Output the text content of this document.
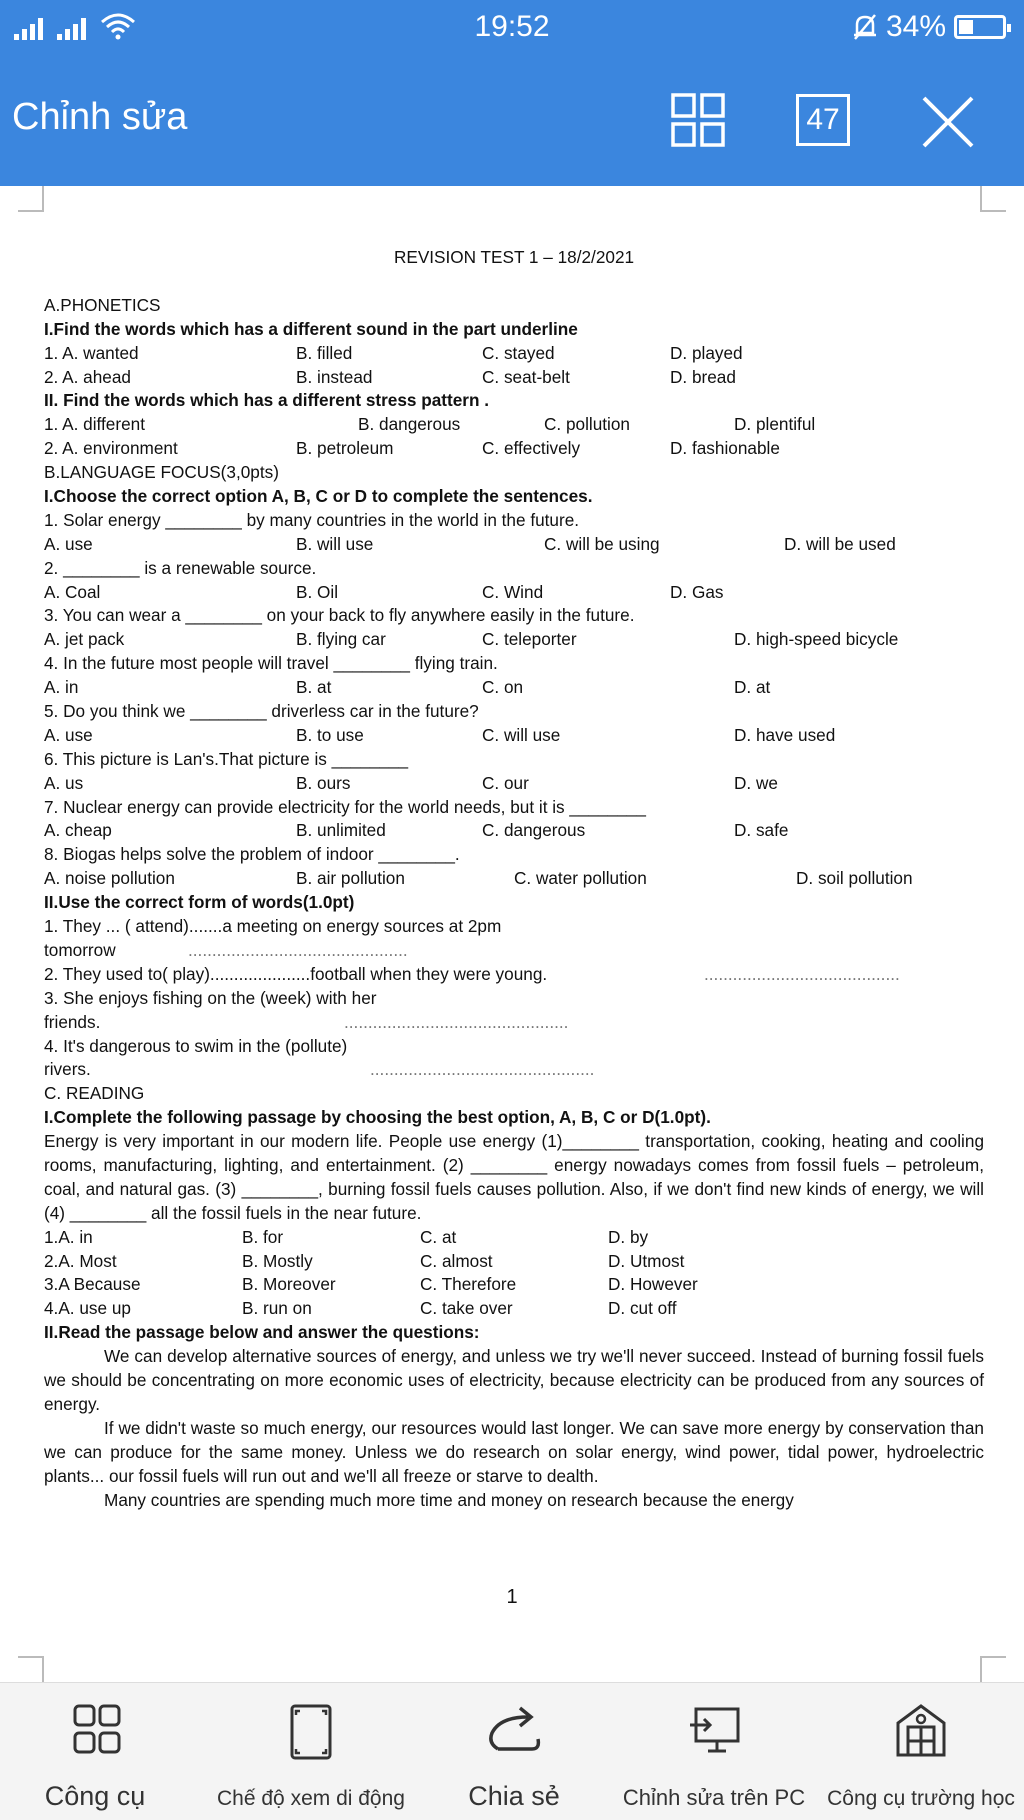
19:52	34%
Chỉnh sửa	47
REVISION TEST 1 – 18/2/2021
A.PHONETICS
I.Find the words which has a different sound in the part underline
1. A. wanted	B. filled	C. stayed	D. played
2. A. ahead	B. instead	C. seat-belt	D. bread
II. Find the words which has a different stress pattern .
1. A. different	B. dangerous	C. pollution	D. plentiful
2. A. environment	B. petroleum	C. effectively	D. fashionable
B.LANGUAGE FOCUS(3,0pts)
I.Choose the correct option A, B, C or D to complete the sentences.
1. Solar energy ________ by many countries in the world in the future.
A. use	B. will use	C. will be using	D. will be used
2. ________ is a renewable source.
A. Coal	B. Oil	C. Wind	D. Gas
3. You can wear a ________ on your back to fly anywhere easily in the future.
A. jet pack	B. flying car	C. teleporter	D. high-speed bicycle
4. In the future most people will travel ________ flying train.
A. in	B. at	C. on	D. at
5. Do you think we ________ driverless car in the future?
A. use	B. to use	C. will use	D. have used
6. This picture is Lan's.That picture is ________
A. us	B. ours	C. our	D. we
7. Nuclear energy can provide electricity for the world needs, but it is ________
A. cheap	B. unlimited	C. dangerous	D. safe
8. Biogas helps solve the problem of indoor ________.
A. noise pollution	B. air pollution	C. water pollution	D. soil pollution
II.Use the correct form of words(1.0pt)
1. They ... ( attend).......a meeting on energy sources at 2pm
tomorrow	..............................................
2. They used to( play).....................football when they were young.	.........................................
3. She enjoys fishing on the (week) with her
friends.	...............................................
4. It's dangerous to swim in the (pollute)
rivers.	...............................................
C. READING
I.Complete the following passage by choosing the best option, A, B, C or D(1.0pt).
Energy is very important in our modern life. People use energy (1)________ transportation, cooking, heating and cooling rooms, manufacturing, lighting, and entertainment. (2) ________ energy nowadays comes from fossil fuels – petroleum, coal, and natural gas. (3) ________, burning fossil fuels causes pollution. Also, if we don't find new kinds of energy, we will (4) ________ all the fossil fuels in the near future.
1.A. in	B. for	C. at	D. by
2.A. Most	B. Mostly	C. almost	D. Utmost
3.A Because	B. Moreover	C. Therefore	D. However
4.A. use up	B. run on	C. take over	D. cut off
II.Read the passage below and answer the questions:
We can develop alternative sources of energy, and unless we try we'll never succeed. Instead of burning fossil fuels we should be concentrating on more economic uses of electricity, because electricity can be produced from any sources of energy.
If we didn't waste so much energy, our resources would last longer. We can save more energy by conservation than we can produce for the same money. Unless we do research on solar energy, wind power, tidal power, hydroelectric plants... our fossil fuels will run out and we'll all freeze or starve to dealth.
Many countries are spending much more time and money on research because the energy
1
Công cụ	Chế độ xem di động	Chia sẻ	Chỉnh sửa trên PC	Công cụ trường học
